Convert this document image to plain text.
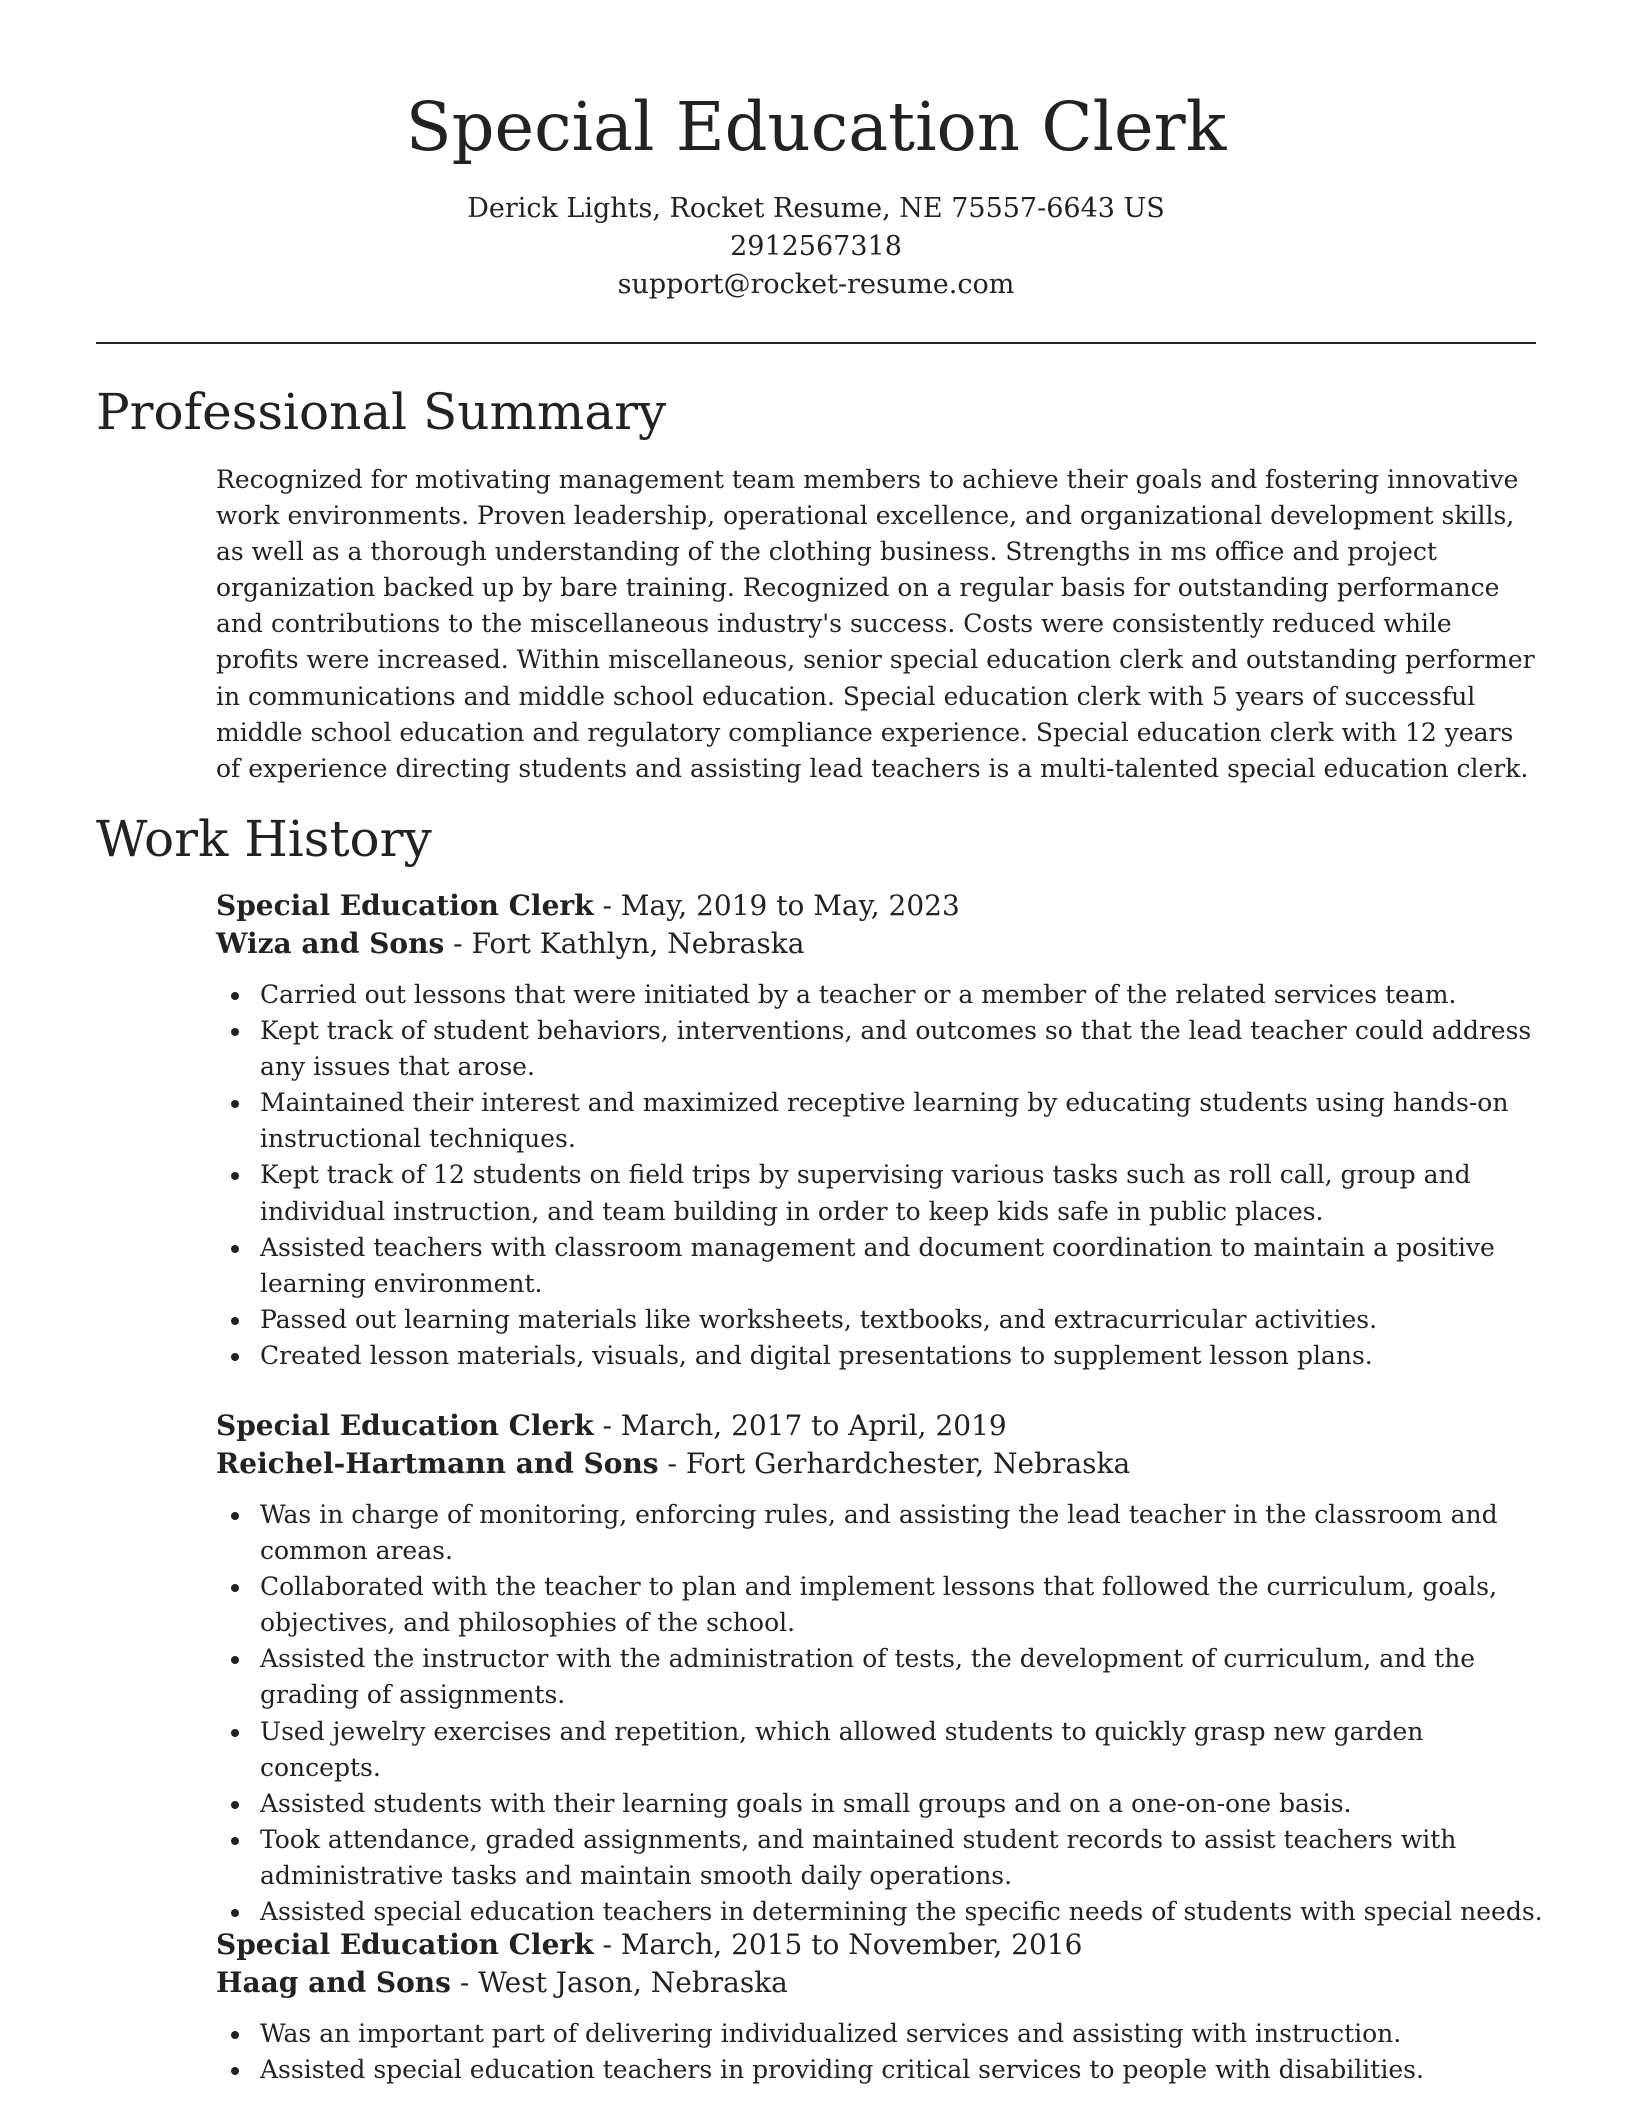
Special Education Clerk
Derick Lights, Rocket Resume, NE 75557-6643 US
2912567318
support@rocket-resume.com
Professional Summary

Recognized for motivating management team members to achieve their goals and fostering innovative work environments. Proven leadership, operational excellence, and organizational development skills, as well as a thorough understanding of the clothing business. Strengths in ms office and project organization backed up by bare training. Recognized on a regular basis for outstanding performance and contributions to the miscellaneous industry's success. Costs were consistently reduced while profits were increased. Within miscellaneous, senior special education clerk and outstanding performer in communications and middle school education. Special education clerk with 5 years of successful middle school education and regulatory compliance experience. Special education clerk with 12 years of experience directing students and assisting lead teachers is a multi-talented special education clerk.

Work History

Special Education Clerk - May, 2019 to May, 2023

Wiza and Sons - Fort Kathlyn, Nebraska

Carried out lessons that were initiated by a teacher or a member of the related services team.
Kept track of student behaviors, interventions, and outcomes so that the lead teacher could address any issues that arose.
Maintained their interest and maximized receptive learning by educating students using hands-on instructional techniques.
Kept track of 12 students on field trips by supervising various tasks such as roll call, group and individual instruction, and team building in order to keep kids safe in public places.
Assisted teachers with classroom management and document coordination to maintain a positive learning environment.
Passed out learning materials like worksheets, textbooks, and extracurricular activities.
Created lesson materials, visuals, and digital presentations to supplement lesson plans.

Special Education Clerk - March, 2017 to April, 2019

Reichel-Hartmann and Sons - Fort Gerhardchester, Nebraska

Was in charge of monitoring, enforcing rules, and assisting the lead teacher in the classroom and common areas.
Collaborated with the teacher to plan and implement lessons that followed the curriculum, goals, objectives, and philosophies of the school.
Assisted the instructor with the administration of tests, the development of curriculum, and the grading of assignments.
Used jewelry exercises and repetition, which allowed students to quickly grasp new garden concepts.
Assisted students with their learning goals in small groups and on a one-on-one basis.
Took attendance, graded assignments, and maintained student records to assist teachers with administrative tasks and maintain smooth daily operations.
Assisted special education teachers in determining the specific needs of students with special needs.

Special Education Clerk - March, 2015 to November, 2016

Haag and Sons - West Jason, Nebraska

Was an important part of delivering individualized services and assisting with instruction.
Assisted special education teachers in providing critical services to people with disabilities.
